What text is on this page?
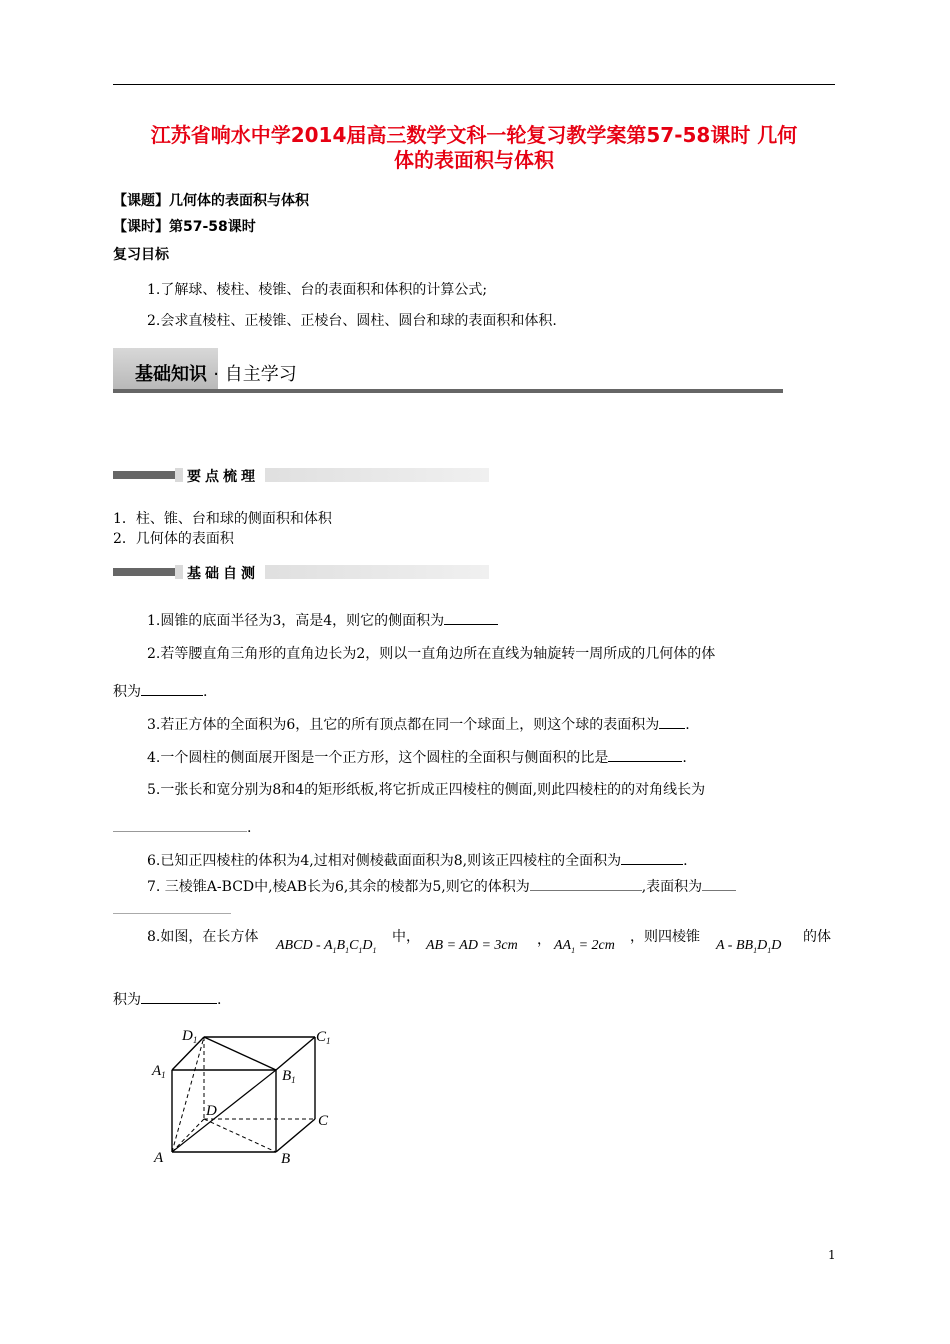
江苏省响水中学2014届高三数学文科一轮复习教学案第57-58课时 几何
体的表面积与体积
【课题】几何体的表面积与体积
【课时】第57-58课时
复习目标
1.了解球、棱柱、棱锥、台的表面积和体积的计算公式;
2.会求直棱柱、正棱锥、正棱台、圆柱、圆台和球的表面积和体积.
基础知识 · 自主学习
要点梳理
1．柱、锥、台和球的侧面积和体积
2．几何体的表面积
基础自测
1.圆锥的底面半径为3，高是4，则它的侧面积为
2.若等腰直角三角形的直角边长为2，则以一直角边所在直线为轴旋转一周所成的几何体的体
积为	.
3.若正方体的全面积为6，且它的所有顶点都在同一个球面上，则这个球的表面积为 .
4.一个圆柱的侧面展开图是一个正方形，这个圆柱的全面积与侧面积的比是	.
5.一张长和宽分别为8和4的矩形纸板,将它折成正四棱柱的侧面,则此四棱柱的的对角线长为
.
6.已知正四棱柱的体积为4,过相对侧棱截面面积为8,则该正四棱柱的全面积为	.
7. 三棱锥A-BCD中,棱AB长为6,其余的棱都为5,则它的体积为	,表面积为
8.如图，在长方体
ABCD - $A_1B_1C_1D_1$
中，
AB = AD = 3cm ， $AA_1 = 2cm$
，则四棱锥
A - $BB_1D_1D$
的体
积为	.
$D_1$	$C_1$
$A_1$	$B_1$
D
C
A	B
1
